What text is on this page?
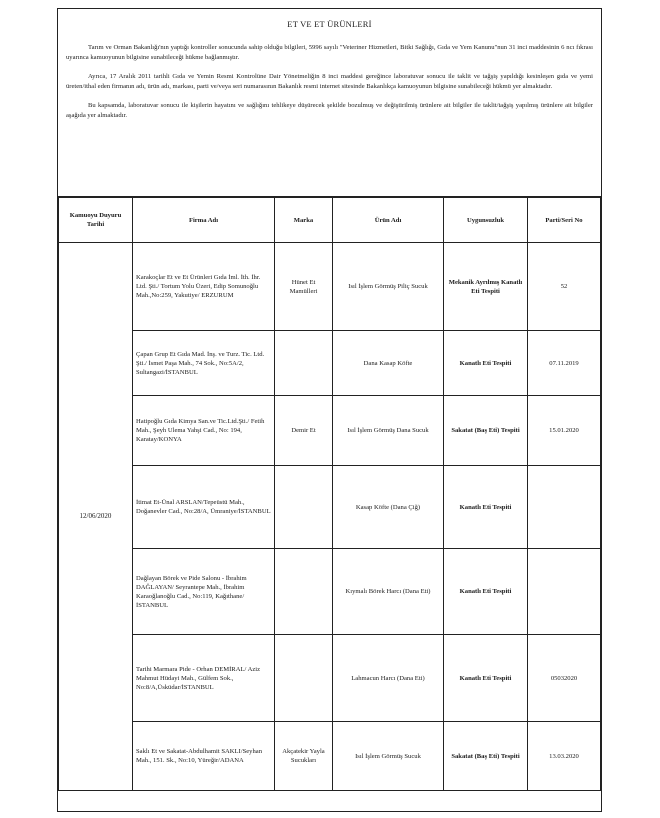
ET VE ET ÜRÜNLERİ

Tarım ve Orman Bakanlığı'nın yaptığı kontroller sonucunda sahip olduğu bilgileri, 5996 sayılı "Veteriner Hizmetleri, Bitki Sağlığı, Gıda ve Yem Kanunu"nun 31 inci maddesinin 6 ncı fıkrası uyarınca kamuoyunun bilgisine sunabileceği hükme bağlanmıştır.

Ayrıca, 17 Aralık 2011 tarihli Gıda ve Yemin Resmi Kontrolüne Dair Yönetmeliğin 8 inci maddesi gereğince laboratuvar sonucu ile taklit ve tağşiş yapıldığı kesinleşen gıda ve yemi üreten/ithal eden firmanın adı, ürün adı, markası, parti ve/veya seri numarasının Bakanlık resmi internet sitesinde Bakanlıkça kamuoyunun bilgisine sunabileceği hükmü yer almaktadır.

Bu kapsamda, laboratuvar sonucu ile kişilerin hayatını ve sağlığını tehlikeye düşürecek şekilde bozulmuş ve değiştirilmiş ürünlere ait bilgiler ile taklit/tağşiş yapılmış ürünlere ait bilgiler aşağıda yer almaktadır.

Kamuoyu Duyuru Tarihi	Firma Adı	Marka	Ürün Adı	Uygunsuzluk	Parti/Seri No
12/06/2020	Karakoçlar Et ve Et Ürünleri Gıda İml. İth. İhr. Ltd. Şti./ Tortum Yolu Üzeri, Edip Somunoğlu Mah.,No:259, Yakutiye/ ERZURUM	Hünet Et Mamülleri	Isıl İşlem Görmüş Piliç Sucuk	Mekanik Ayrılmış Kanatlı Eti Tespiti	52
	Çapan Grup Et Gıda Mad. İnş. ve Turz. Tic. Ltd. Şti./ İsmet Paşa Mah., 74 Sok., No:5A/2, Sultangazi/İSTANBUL		Dana Kasap Köfte	Kanatlı Eti Tespiti	07.11.2019
	Hatipoğlu Gıda Kimya San.ve Tic.Ltd.Şti./ Fetih Mah., Şeyh Ulema Yahşi Cad., No: 194, Karatay/KONYA	Demir Et	Isıl İşlem Görmüş Dana Sucuk	Sakatat (Baş Eti) Tespiti	15.01.2020
	İtimat Et-Ünal ARSLAN/Tepeüstü Mah., Doğanevler Cad., No:28/A, Ümraniye/İSTANBUL		Kasap Köfte (Dana Çiğ)	Kanatlı Eti Tespiti	
	Dağlayan Börek ve Pide Salonu - İbrahim DAĞLAYAN/ Seyrantepe Mah., İbrahim Karaoğlanoğlu Cad., No:119, Kağıthane/İSTANBUL		Kıymalı Börek Harcı (Dana Eti)	Kanatlı Eti Tespiti	
	Tarihi Marmara Pide - Orhan DEMİRAL/ Aziz Mahmut Hüdayi Mah., Gülfem Sok., No:8/A,Üsküdar/İSTANBUL		Lahmacun Harcı (Dana Eti)	Kanatlı Eti Tespiti	05032020
	Saklı Et ve Sakatat-Abdulhamit SAKLI/Seyhan Mah., 151. Sk., No:10, Yüreğir/ADANA	Akçatekir Yayla Sucukları	Isıl İşlem Görmüş Sucuk	Sakatat (Baş Eti) Tespiti	13.03.2020
